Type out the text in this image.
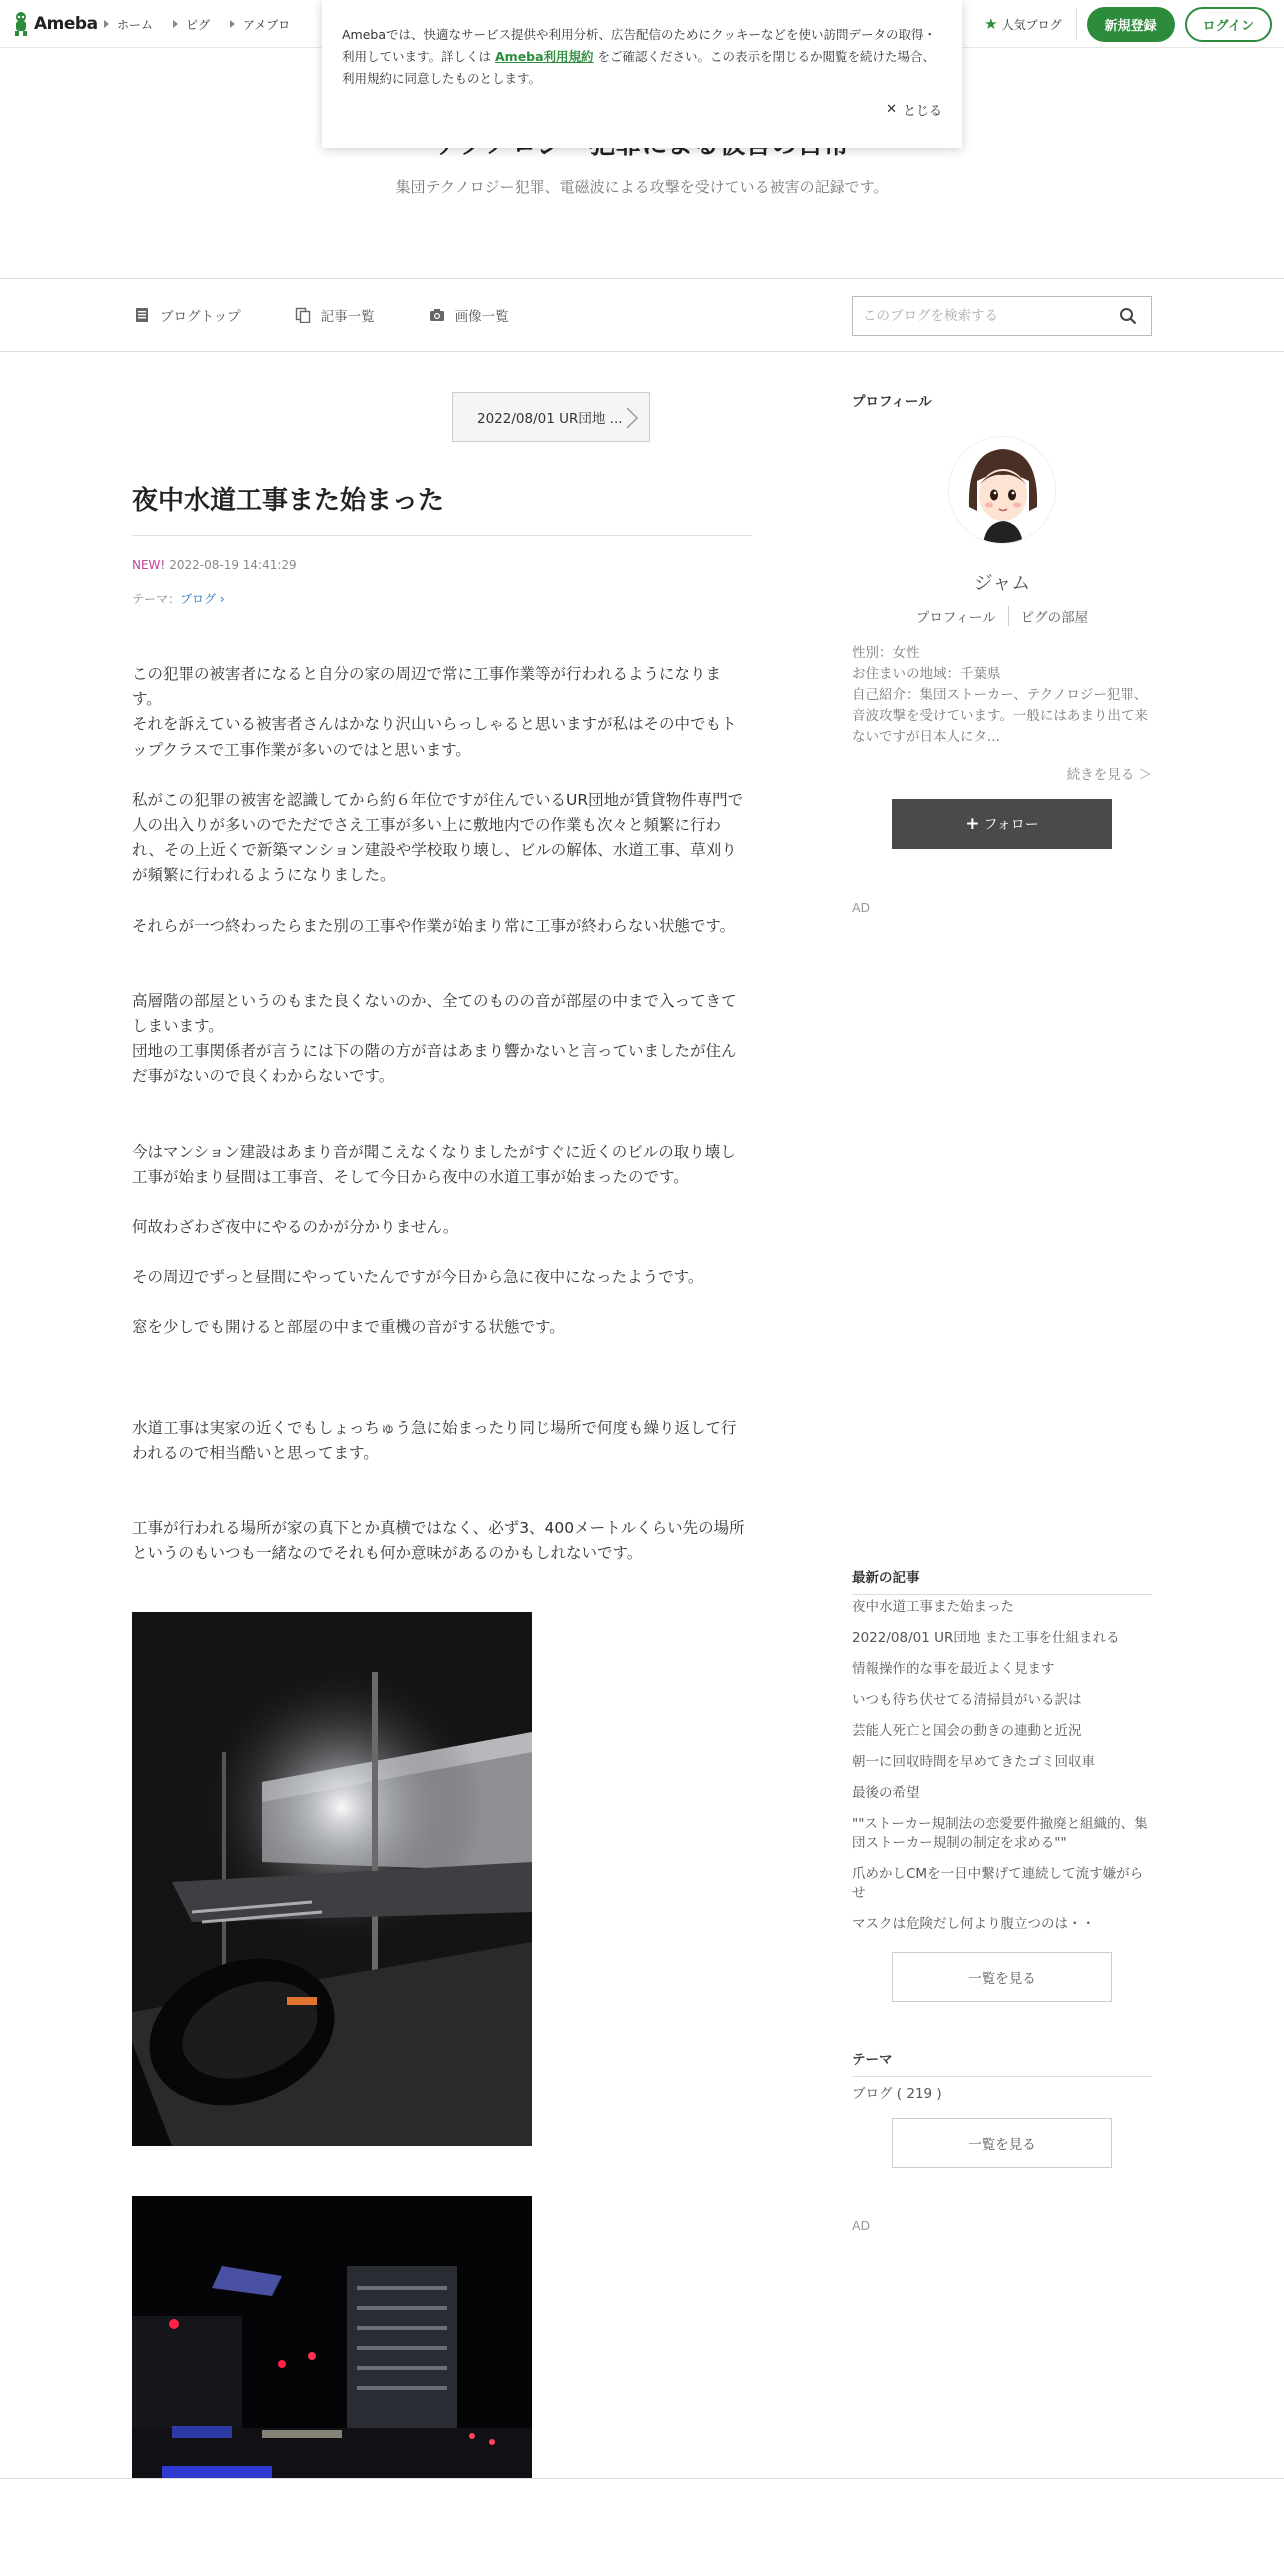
Ameba ホーム	ピグ	アメブロ	★ 人気ブログ	新規登録	ログイン

Amebaでは、快適なサービス提供や利用分析、広告配信のためにクッキーなどを使い訪問データの取得・利用しています。詳しくは Ameba利用規約 をご確認ください。この表示を閉じるか閲覧を続けた場合、利用規約に同意したものとします。

✕ とじる
集団テクノロジー犯罪、電磁波による攻撃を受けている被害の記録です。
ブログトップ	記事一覧	画像一覧
このブログを検索する
2022/08/01 UR団地 ...
夜中水道工事また始まった
NEW! 2022-08-19 14:41:29
テーマ：ブログ ›

この犯罪の被害者になると自分の家の周辺で常に工事作業等が行われるようになります。
それを訴えている被害者さんはかなり沢山いらっしゃると思いますが私はその中でもトップクラスで工事作業が多いのではと思います。

私がこの犯罪の被害を認識してから約６年位ですが住んでいるUR団地が賃貸物件専門で人の出入りが多いのでただでさえ工事が多い上に敷地内での作業も次々と頻繁に行われ、その上近くで新築マンション建設や学校取り壊し、ビルの解体、水道工事、草刈りが頻繁に行われるようになりました。

それらが一つ終わったらまた別の工事や作業が始まり常に工事が終わらない状態です。

高層階の部屋というのもまた良くないのか、全てのものの音が部屋の中まで入ってきてしまいます。
団地の工事関係者が言うには下の階の方が音はあまり響かないと言っていましたが住んだ事がないので良くわからないです。

今はマンション建設はあまり音が聞こえなくなりましたがすぐに近くのビルの取り壊し工事が始まり昼間は工事音、そして今日から夜中の水道工事が始まったのです。

何故わざわざ夜中にやるのかが分かりません。

その周辺でずっと昼間にやっていたんですが今日から急に夜中になったようです。

窓を少しでも開けると部屋の中まで重機の音がする状態です。

水道工事は実家の近くでもしょっちゅう急に始まったり同じ場所で何度も繰り返して行われるので相当酷いと思ってます。

工事が行われる場所が家の真下とか真横ではなく、必ず3、400メートルくらい先の場所というのもいつも一緒なのでそれも何か意味があるのかもしれないです。

プロフィール
ジャム
プロフィール	ピグの部屋
性別：女性
お住まいの地域：千葉県
自己紹介：集団ストーカー、テクノロジー犯罪、音波攻撃を受けています。一般にはあまり出て来ないですが日本人にタ...
続きを見る ＞
+ フォロー
AD
最新の記事
夜中水道工事また始まった
2022/08/01 UR団地 また工事を仕組まれる
情報操作的な事を最近よく見ます
いつも待ち伏せてる清掃員がいる訳は
芸能人死亡と国会の動きの連動と近況
朝一に回収時間を早めてきたゴミ回収車
最後の希望
""ストーカー規制法の恋愛要件撤廃と組織的、集団ストーカー規制の制定を求める""
爪めかしCMを一日中繋げて連続して流す嫌がらせ
マスクは危険だし何より腹立つのは・・
一覧を見る
テーマ
ブログ ( 219 )
一覧を見る
AD
